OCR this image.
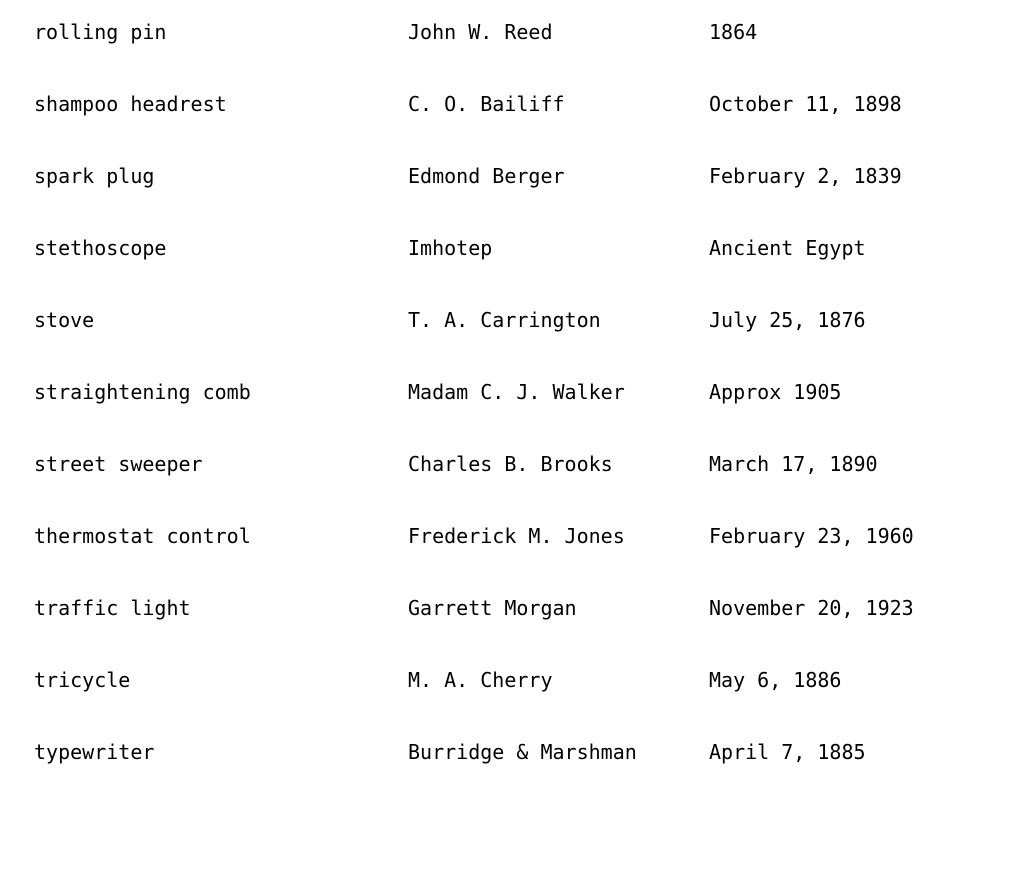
rolling pin	John W. Reed	1864
shampoo headrest	C. O. Bailiff	October 11, 1898
spark plug	Edmond Berger	February 2, 1839
stethoscope	Imhotep	Ancient Egypt
stove	T. A. Carrington	July 25, 1876
straightening comb	Madam C. J. Walker	Approx 1905
street sweeper	Charles B. Brooks	March 17, 1890
thermostat control	Frederick M. Jones	February 23, 1960
traffic light	Garrett Morgan	November 20, 1923
tricycle	M. A. Cherry	May 6, 1886
typewriter	Burridge & Marshman	April 7, 1885
